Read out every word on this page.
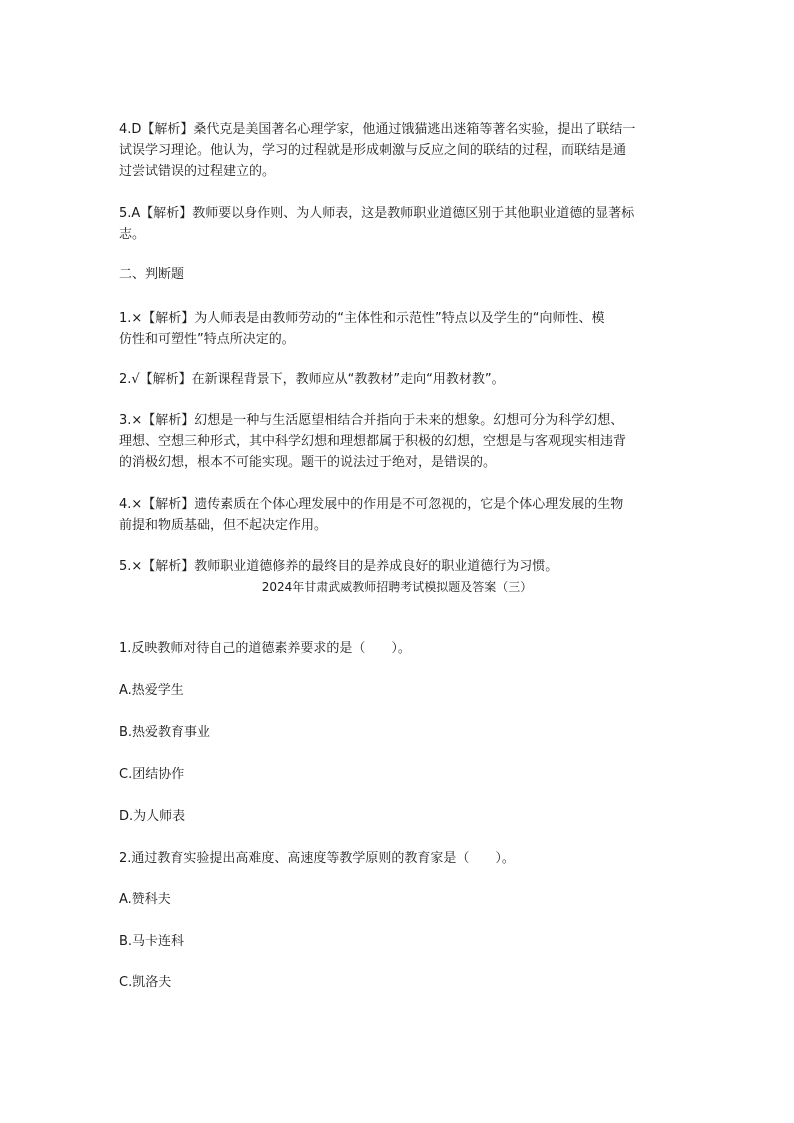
4.D【解析】桑代克是美国著名心理学家，他通过饿猫逃出迷箱等著名实验，提出了联结一

试误学习理论。他认为，学习的过程就是形成刺激与反应之间的联结的过程，而联结是通

过尝试错误的过程建立的。

5.A【解析】教师要以身作则、为人师表，这是教师职业道德区别于其他职业道德的显著标

志。

二、判断题

1.×【解析】为人师表是由教师劳动的“主体性和示范性”特点以及学生的“向师性、模

仿性和可塑性”特点所决定的。

2.√【解析】在新课程背景下，教师应从“教教材”走向“用教材教”。

3.×【解析】幻想是一种与生活愿望相结合并指向于未来的想象。幻想可分为科学幻想、

理想、空想三种形式，其中科学幻想和理想都属于积极的幻想，空想是与客观现实相违背

的消极幻想，根本不可能实现。题干的说法过于绝对，是错误的。

4.×【解析】遗传素质在个体心理发展中的作用是不可忽视的，它是个体心理发展的生物

前提和物质基础，但不起决定作用。

5.×【解析】教师职业道德修养的最终目的是养成良好的职业道德行为习惯。

2024年甘肃武威教师招聘考试模拟题及答案（三）

1.反映教师对待自己的道德素养要求的是（　　）。

A.热爱学生

B.热爱教育事业

C.团结协作

D.为人师表

2.通过教育实验提出高难度、高速度等教学原则的教育家是（　　）。

A.赞科夫

B.马卡连科

C.凯洛夫
